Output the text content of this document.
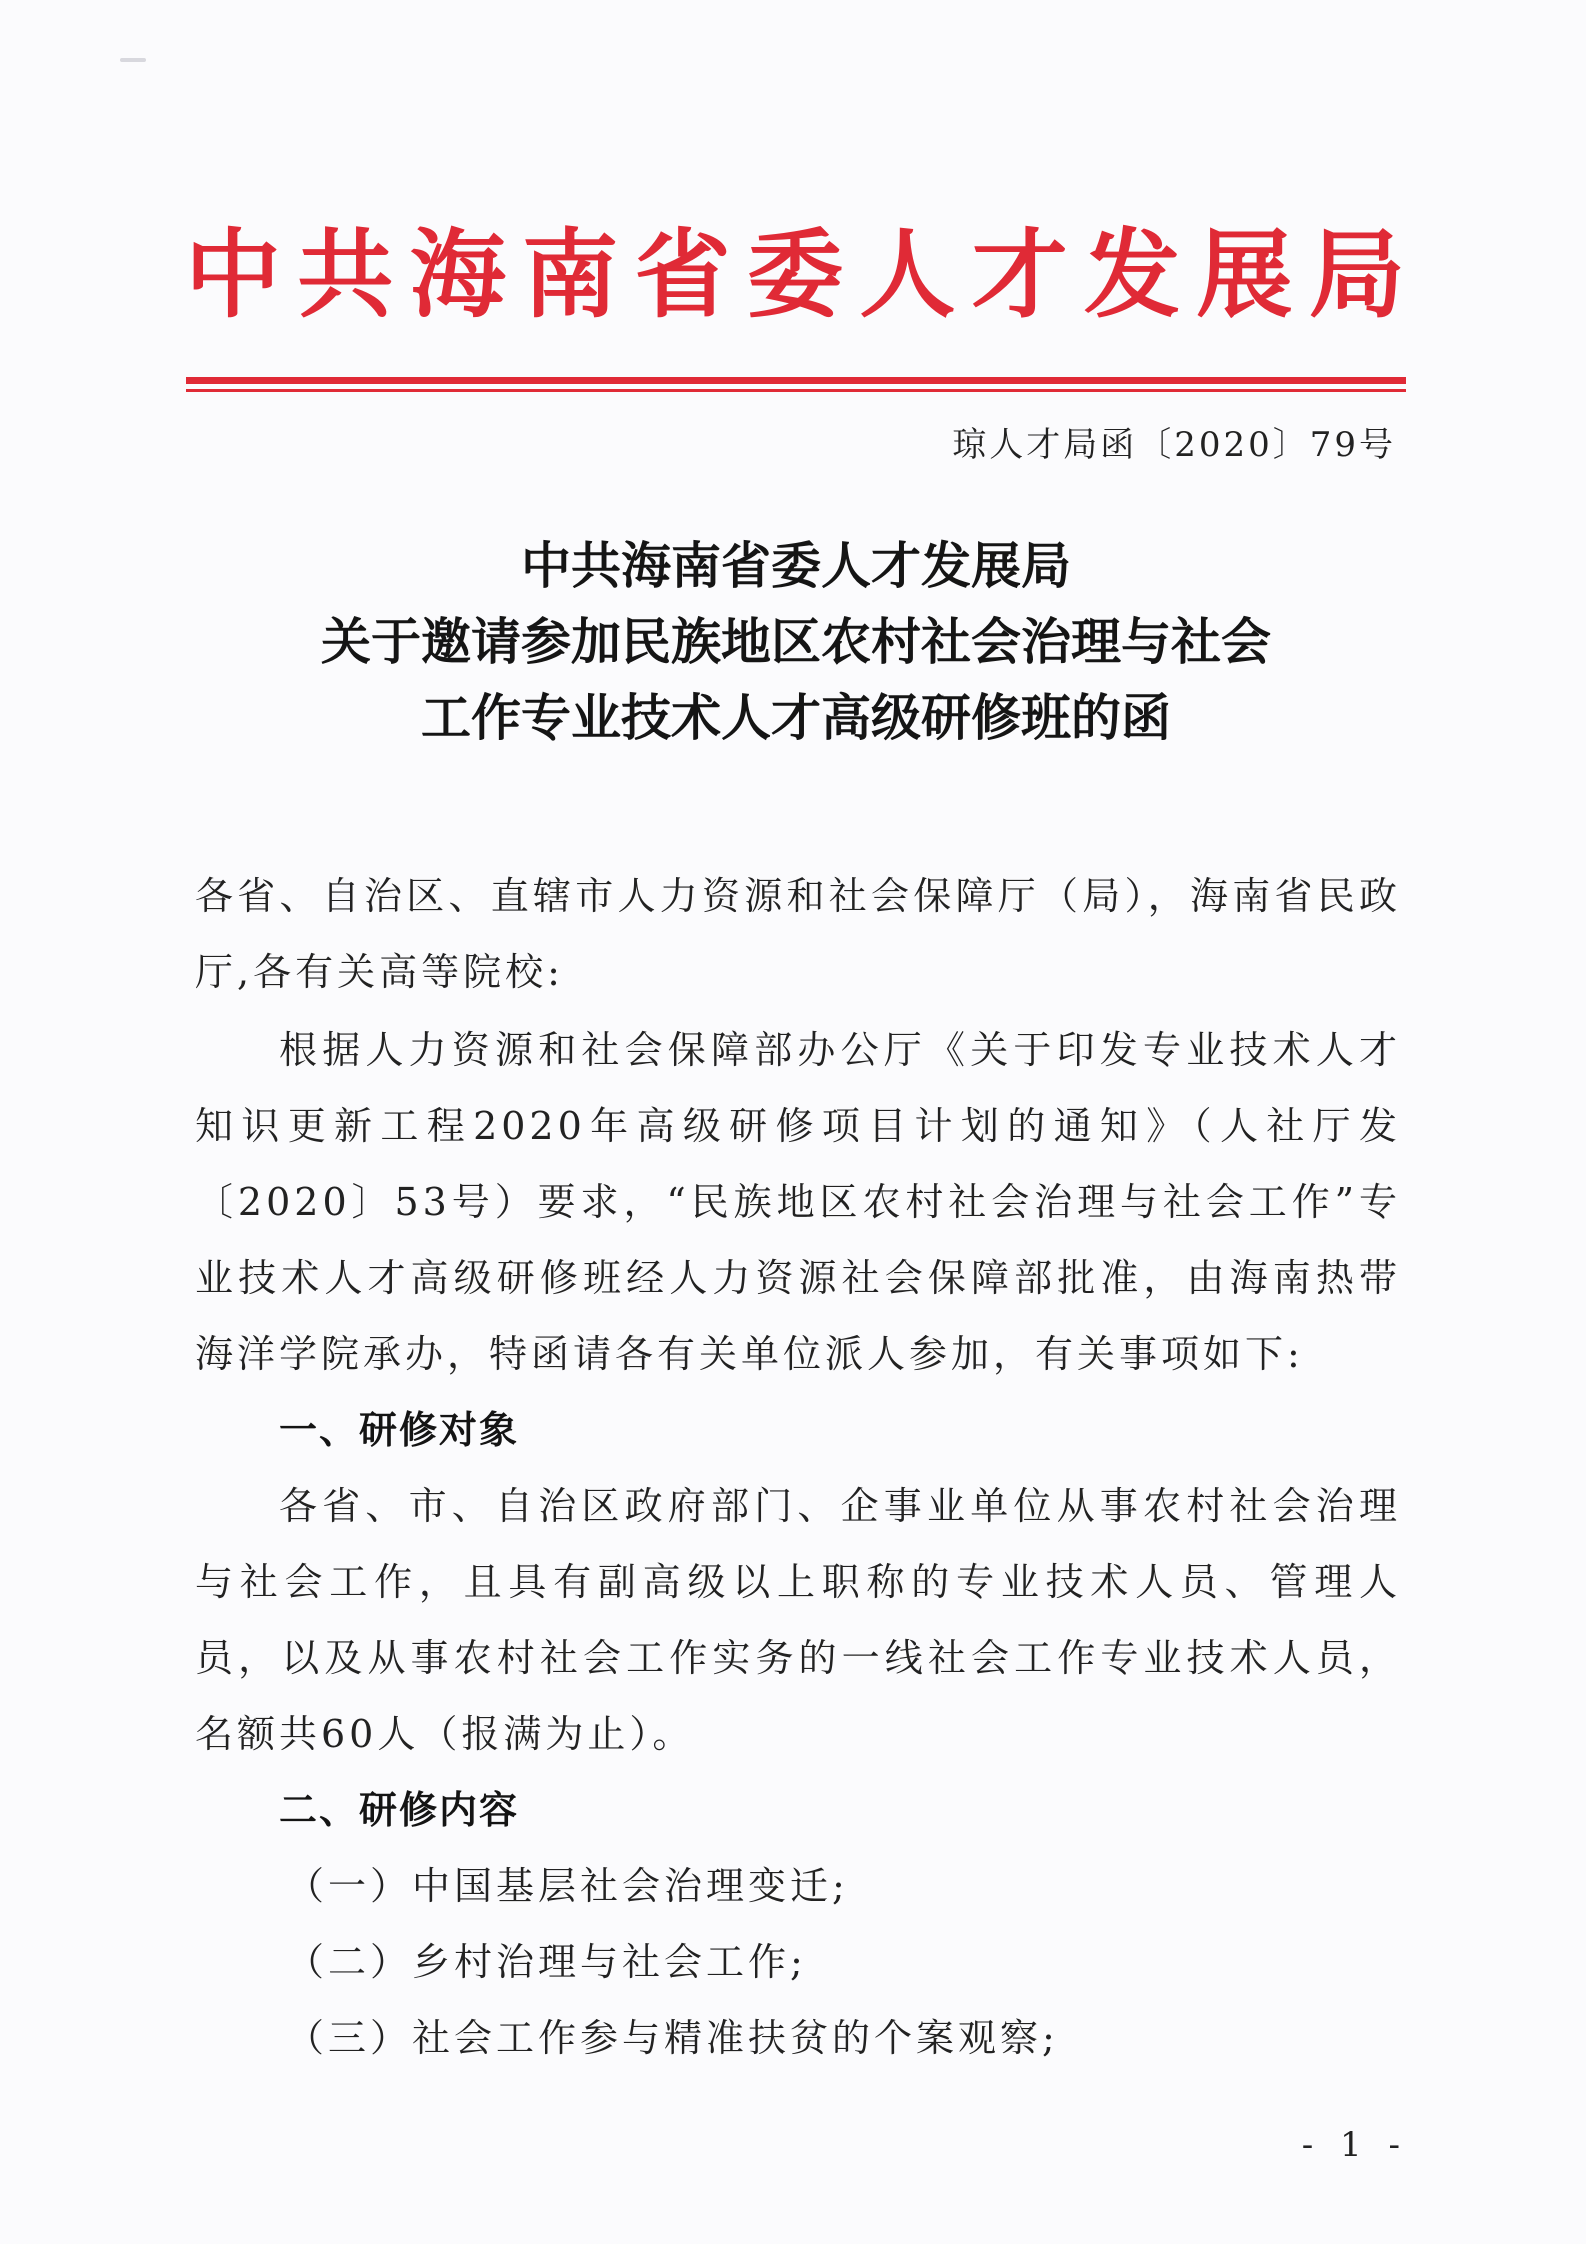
中 共 海 南 省 委 人 才 发 展 局
琼人才局函〔2020〕79号
中共海南省委人才发展局
关于邀请参加民族地区农村社会治理与社会
工作专业技术人才高级研修班的函
各省、自治区、直辖市人力资源和社会保障厅（局），海南省民政厅,各有关高等院校:
根据人力资源和社会保障部办公厅《关于印发专业技术人才知识更新工程2020年高级研修项目计划的通知》（人社厅发〔2020〕53号）要求，“民族地区农村社会治理与社会工作”专业技术人才高级研修班经人力资源社会保障部批准，由海南热带海洋学院承办，特函请各有关单位派人参加，有关事项如下:
一、研修对象
各省、市、自治区政府部门、企事业单位从事农村社会治理与社会工作，且具有副高级以上职称的专业技术人员、管理人员，以及从事农村社会工作实务的一线社会工作专业技术人员，名额共60人（报满为止）。
二、研修内容
（一）中国基层社会治理变迁;
（二）乡村治理与社会工作;
（三）社会工作参与精准扶贫的个案观察;
- 1 -
